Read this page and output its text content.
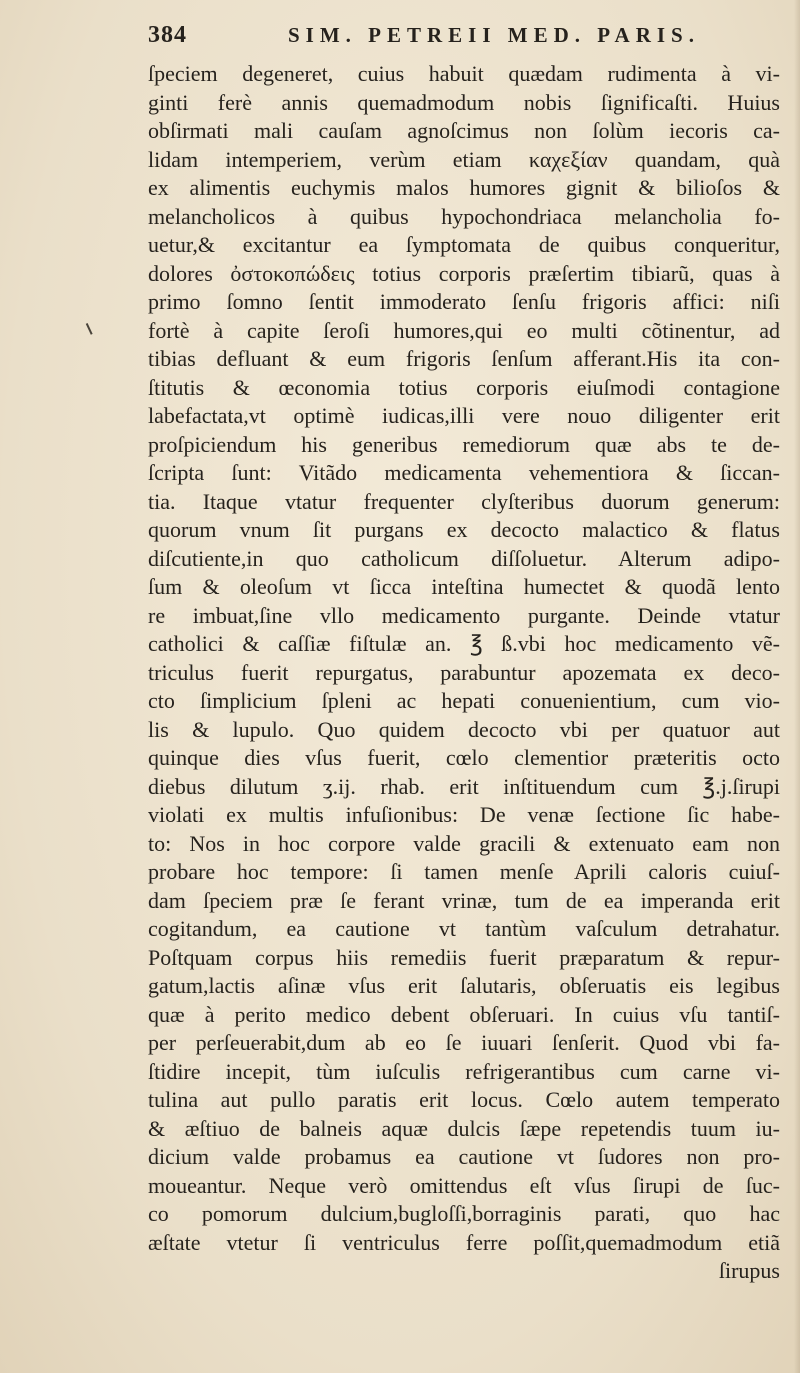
384	SIM. PETREII MED. PARIS.
ſpeciem degeneret, cuius habuit quædam rudimenta à vi-
ginti ferè annis quemadmodum nobis ſignificaſti. Huius
obſirmati mali cauſam agnoſcimus non ſolùm iecoris ca-
lidam intemperiem, verùm etiam καχεξίαν quandam, quà
ex alimentis euchymis malos humores gignit & bilioſos &
melancholicos à quibus hypochondriaca melancholia fo-
uetur,& excitantur ea ſymptomata de quibus conqueritur,
dolores ὀστοκοπώδεις totius corporis præſertim tibiarũ, quas à
primo ſomno ſentit immoderato ſenſu frigoris affici: niſi
fortè à capite ſeroſi humores,qui eo multi cõtinentur, ad
tibias defluant & eum frigoris ſenſum afferant.His ita con-
ſtitutis & œconomia totius corporis eiuſmodi contagione
labefactata,vt optimè iudicas,illi vere nouo diligenter erit
proſpiciendum his generibus remediorum quæ abs te de-
ſcripta ſunt: Vitãdo medicamenta vehementiora & ſiccan-
tia. Itaque vtatur frequenter clyſteribus duorum generum:
quorum vnum ſit purgans ex decocto malactico & flatus
diſcutiente,in quo catholicum diſſoluetur. Alterum adipo-
ſum & oleoſum vt ſicca inteſtina humectet & quodã lento
re imbuat,ſine vllo medicamento purgante. Deinde vtatur
catholici & caſſiæ fiſtulæ an. ℥ ß.vbi hoc medicamento vẽ-
triculus fuerit repurgatus, parabuntur apozemata ex deco-
cto ſimplicium ſpleni ac hepati conuenientium, cum vio-
lis & lupulo. Quo quidem decocto vbi per quatuor aut
quinque dies vſus fuerit, cœlo clementior præteritis octo
diebus dilutum ʒ.ij. rhab. erit inſtituendum cum ℥.j.ſirupi
violati ex multis infuſionibus: De venæ ſectione ſic habe-
to: Nos in hoc corpore valde gracili & extenuato eam non
probare hoc tempore: ſi tamen menſe Aprili caloris cuiuſ-
dam ſpeciem præ ſe ferant vrinæ, tum de ea imperanda erit
cogitandum, ea cautione vt tantùm vaſculum detrahatur.
Poſtquam corpus hiis remediis fuerit præparatum & repur-
gatum,lactis aſinæ vſus erit ſalutaris, obſeruatis eis legibus
quæ à perito medico debent obſeruari. In cuius vſu tantiſ-
per perſeuerabit,dum ab eo ſe iuuari ſenſerit. Quod vbi fa-
ſtidire incepit, tùm iuſculis refrigerantibus cum carne vi-
tulina aut pullo paratis erit locus. Cœlo autem temperato
& æſtiuo de balneis aquæ dulcis ſæpe repetendis tuum iu-
dicium valde probamus ea cautione vt ſudores non pro-
moueantur. Neque verò omittendus eſt vſus ſirupi de ſuc-
co pomorum dulcium,bugloſſi,borraginis parati, quo hac
æſtate vtetur ſi ventriculus ferre poſſit,quemadmodum etiã
ſirupus
